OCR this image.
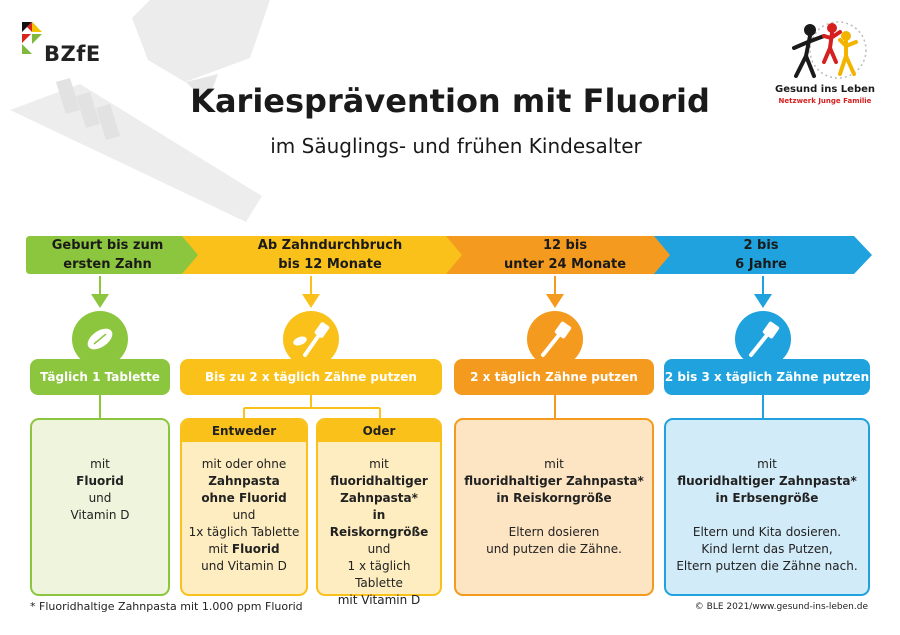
BZfE
Gesund ins Leben
Netzwerk Junge Familie
Kariesprävention mit Fluorid
im Säuglings- und frühen Kindesalter
Geburt bis zum
ersten Zahn
Ab Zahndurchbruch
bis 12 Monate
12 bis
unter 24 Monate
2 bis
6 Jahre
Täglich 1 Tablette	Bis zu 2 x täglich Zähne putzen	2 x täglich Zähne putzen	2 bis 3 x täglich Zähne putzen

mit

Fluorid

und

Vitamin D

Entweder

mit oder ohne

Zahnpasta

ohne Fluorid

und

1x täglich Tablette

mit Fluorid

und Vitamin D

Oder

mit

fluoridhaltiger

Zahnpasta*

in Reiskorngröße

und

1 x täglich Tablette

mit Vitamin D

mit

fluoridhaltiger Zahnpasta*

in Reiskorngröße

Eltern dosieren

und putzen die Zähne.

mit

fluoridhaltiger Zahnpasta*

in Erbsengröße

Eltern und Kita dosieren.

Kind lernt das Putzen,

Eltern putzen die Zähne nach.

* Fluoridhaltige Zahnpasta mit 1.000 ppm Fluorid	© BLE 2021/www.gesund-ins-leben.de
